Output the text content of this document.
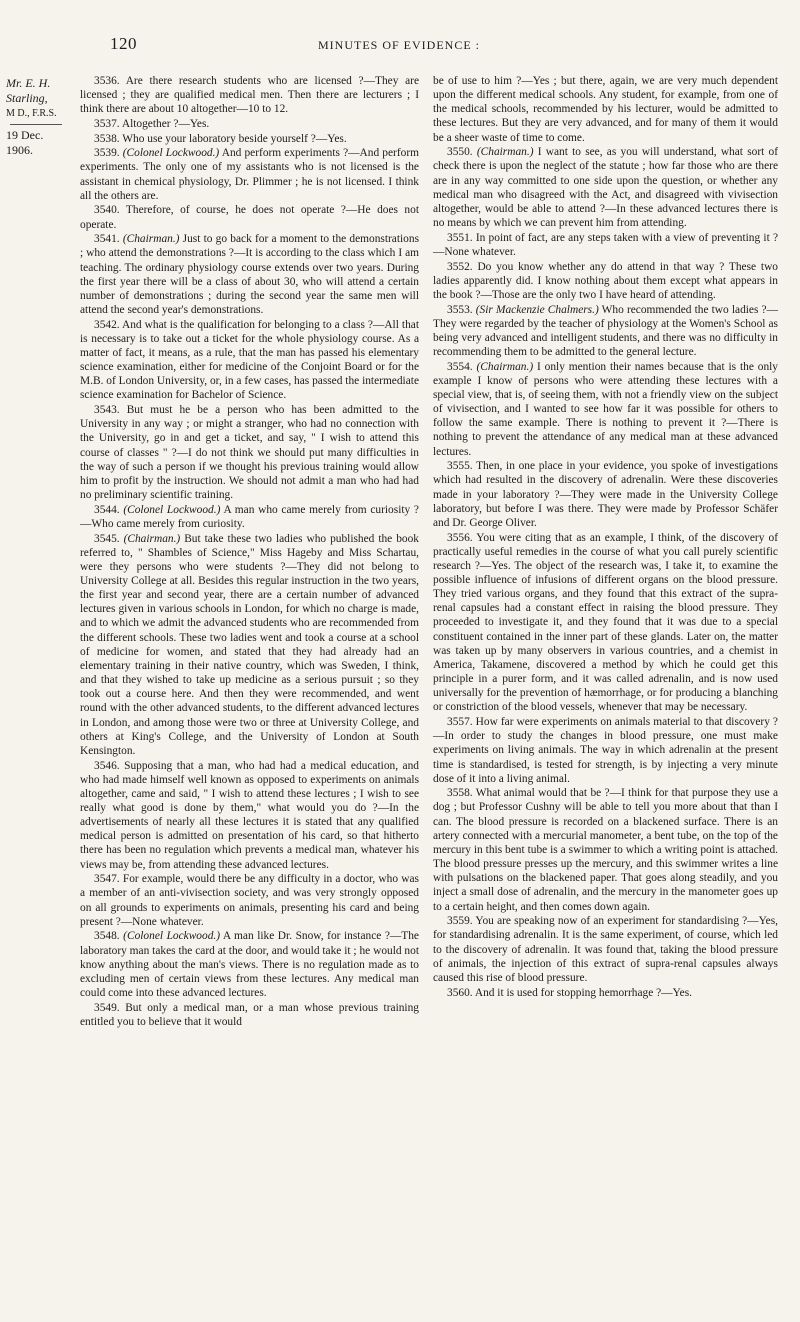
120	MINUTES OF EVIDENCE :
Mr. E. H.
Starling,
M D., F.R.S.
19 Dec. 1906.

3536. Are there research students who are licensed ?—They are licensed ; they are qualified medical men. Then there are lecturers ; I think there are about 10 altogether—10 to 12.

3537. Altogether ?—Yes.

3538. Who use your laboratory beside yourself ?—Yes.

3539. (Colonel Lockwood.) And perform experiments ?—And perform experiments. The only one of my assistants who is not licensed is the assistant in chemical physiology, Dr. Plimmer ; he is not licensed. I think all the others are.

3540. Therefore, of course, he does not operate ?—He does not operate.

3541. (Chairman.) Just to go back for a moment to the demonstrations ; who attend the demonstrations ?—It is according to the class which I am teaching. The ordinary physiology course extends over two years. During the first year there will be a class of about 30, who will attend a certain number of demonstrations ; during the second year the same men will attend the second year's demonstrations.

3542. And what is the qualification for belonging to a class ?—All that is necessary is to take out a ticket for the whole physiology course. As a matter of fact, it means, as a rule, that the man has passed his elementary science examination, either for medicine of the Conjoint Board or for the M.B. of London University, or, in a few cases, has passed the intermediate science examination for Bachelor of Science.

3543. But must he be a person who has been admitted to the University in any way ; or might a stranger, who had no connection with the University, go in and get a ticket, and say, " I wish to attend this course of classes " ?—I do not think we should put many difficulties in the way of such a person if we thought his previous training would allow him to profit by the instruction. We should not admit a man who had had no preliminary scientific training.

3544. (Colonel Lockwood.) A man who came merely from curiosity ?—Who came merely from curiosity.

3545. (Chairman.) But take these two ladies who published the book referred to, " Shambles of Science," Miss Hageby and Miss Schartau, were they persons who were students ?—They did not belong to University College at all. Besides this regular instruction in the two years, the first year and second year, there are a certain number of advanced lectures given in various schools in London, for which no charge is made, and to which we admit the advanced students who are recommended from the different schools. These two ladies went and took a course at a school of medicine for women, and stated that they had already had an elementary training in their native country, which was Sweden, I think, and that they wished to take up medicine as a serious pursuit ; so they took out a course here. And then they were recommended, and went round with the other advanced students, to the different advanced lectures in London, and among those were two or three at University College, and others at King's College, and the University of London at South Kensington.

3546. Supposing that a man, who had had a medical education, and who had made himself well known as opposed to experiments on animals altogether, came and said, " I wish to attend these lectures ; I wish to see really what good is done by them," what would you do ?—In the advertisements of nearly all these lectures it is stated that any qualified medical person is admitted on presentation of his card, so that hitherto there has been no regulation which prevents a medical man, whatever his views may be, from attending these advanced lectures.

3547. For example, would there be any difficulty in a doctor, who was a member of an anti-vivisection society, and was very strongly opposed on all grounds to experiments on animals, presenting his card and being present ?—None whatever.

3548. (Colonel Lockwood.) A man like Dr. Snow, for instance ?—The laboratory man takes the card at the door, and would take it ; he would not know anything about the man's views. There is no regulation made as to excluding men of certain views from these lectures. Any medical man could come into these advanced lectures.

3549. But only a medical man, or a man whose previous training entitled you to believe that it would

be of use to him ?—Yes ; but there, again, we are very much dependent upon the different medical schools. Any student, for example, from one of the medical schools, recommended by his lecturer, would be admitted to these lectures. But they are very advanced, and for many of them it would be a sheer waste of time to come.

3550. (Chairman.) I want to see, as you will understand, what sort of check there is upon the neglect of the statute ; how far those who are there are in any way committed to one side upon the question, or whether any medical man who disagreed with the Act, and disagreed with vivisection altogether, would be able to attend ?—In these advanced lectures there is no means by which we can prevent him from attending.

3551. In point of fact, are any steps taken with a view of preventing it ?—None whatever.

3552. Do you know whether any do attend in that way ? These two ladies apparently did. I know nothing about them except what appears in the book ?—Those are the only two I have heard of attending.

3553. (Sir Mackenzie Chalmers.) Who recommended the two ladies ?—They were regarded by the teacher of physiology at the Women's School as being very advanced and intelligent students, and there was no difficulty in recommending them to be admitted to the general lecture.

3554. (Chairman.) I only mention their names because that is the only example I know of persons who were attending these lectures with a special view, that is, of seeing them, with not a friendly view on the subject of vivisection, and I wanted to see how far it was possible for others to follow the same example. There is nothing to prevent it ?—There is nothing to prevent the attendance of any medical man at these advanced lectures.

3555. Then, in one place in your evidence, you spoke of investigations which had resulted in the discovery of adrenalin. Were these discoveries made in your laboratory ?—They were made in the University College laboratory, but before I was there. They were made by Professor Schäfer and Dr. George Oliver.

3556. You were citing that as an example, I think, of the discovery of practically useful remedies in the course of what you call purely scientific research ?—Yes. The object of the research was, I take it, to examine the possible influence of infusions of different organs on the blood pressure. They tried various organs, and they found that this extract of the supra-renal capsules had a constant effect in raising the blood pressure. They proceeded to investigate it, and they found that it was due to a special constituent contained in the inner part of these glands. Later on, the matter was taken up by many observers in various countries, and a chemist in America, Takamene, discovered a method by which he could get this principle in a purer form, and it was called adrenalin, and is now used universally for the prevention of hæmorrhage, or for producing a blanching or constriction of the blood vessels, whenever that may be necessary.

3557. How far were experiments on animals material to that discovery ?—In order to study the changes in blood pressure, one must make experiments on living animals. The way in which adrenalin at the present time is standardised, is tested for strength, is by injecting a very minute dose of it into a living animal.

3558. What animal would that be ?—I think for that purpose they use a dog ; but Professor Cushny will be able to tell you more about that than I can. The blood pressure is recorded on a blackened surface. There is an artery connected with a mercurial manometer, a bent tube, on the top of the mercury in this bent tube is a swimmer to which a writing point is attached. The blood pressure presses up the mercury, and this swimmer writes a line with pulsations on the blackened paper. That goes along steadily, and you inject a small dose of adrenalin, and the mercury in the manometer goes up to a certain height, and then comes down again.

3559. You are speaking now of an experiment for standardising ?—Yes, for standardising adrenalin. It is the same experiment, of course, which led to the discovery of adrenalin. It was found that, taking the blood pressure of animals, the injection of this extract of supra-renal capsules always caused this rise of blood pressure.

3560. And it is used for stopping hemorrhage ?—Yes.
